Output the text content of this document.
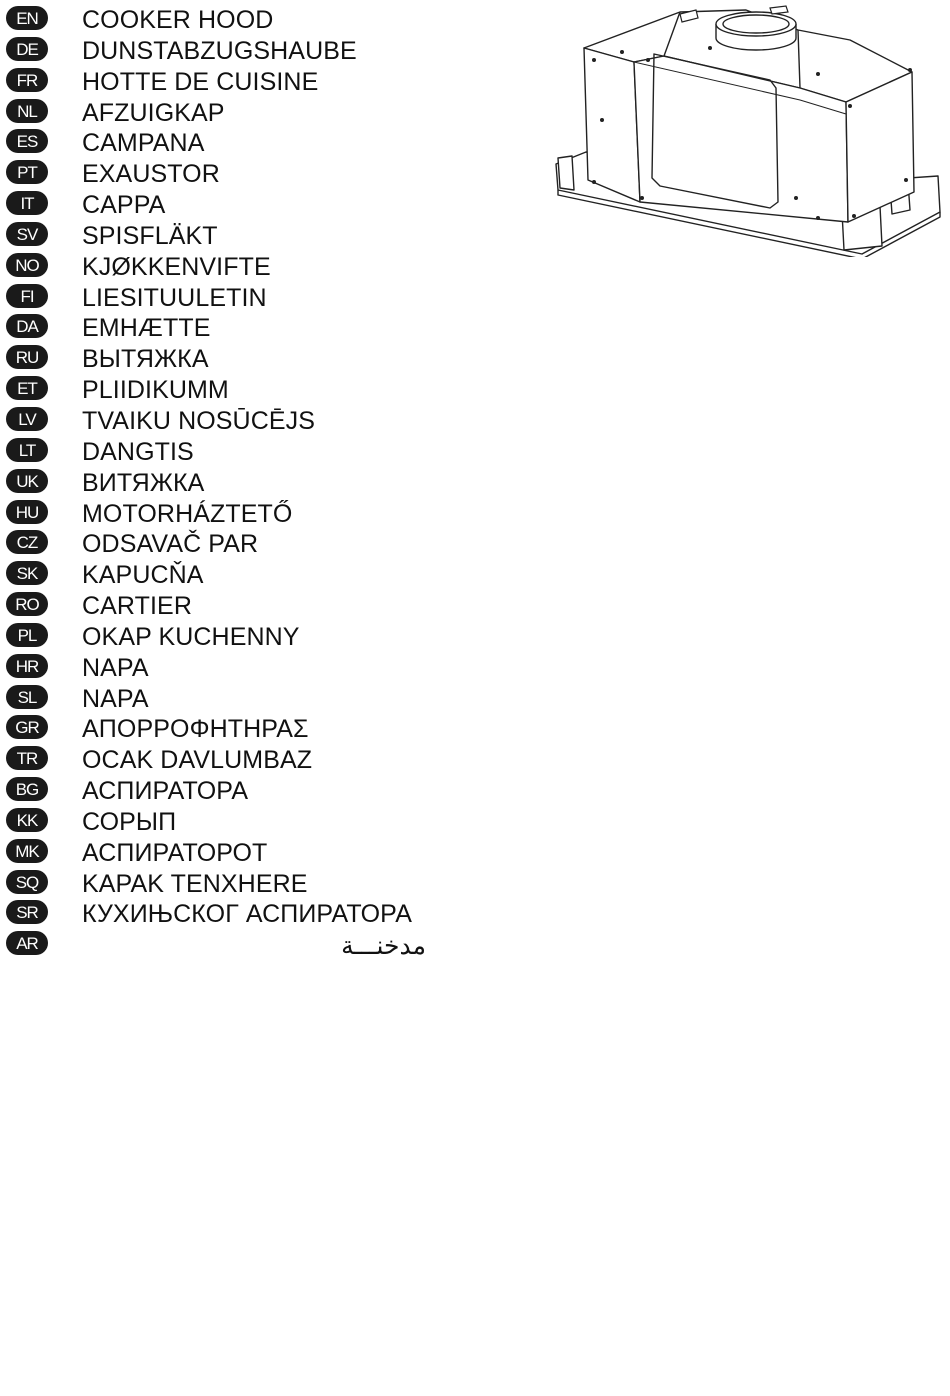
EN	COOKER HOOD
DE	DUNSTABZUGSHAUBE
FR	HOTTE DE CUISINE
NL	AFZUIGKAP
ES	CAMPANA
PT	EXAUSTOR
IT	CAPPA
SV	SPISFLÄKT
NO	KJØKKENVIFTE
FI	LIESITUULETIN
DA	EMHÆTTE
RU	ВЫТЯЖКА
ET	PLIIDIKUMM
LV	TVAIKU NOSŪCĒJS
LT	DANGTIS
UK	ВИТЯЖКА
HU	MOTORHÁZTETŐ
CZ	ODSAVAČ PAR
SK	KAPUCŇA
RO	CARTIER
PL	OKAP KUCHENNY
HR	NAPA
SL	NAPA
GR	ΑΠΟΡΡΟΦΗΤΗΡΑΣ
TR	OCAK DAVLUMBAZ
BG	АСПИРАТОРА
KK	СОРЫП
MK	АСПИРАТОРОТ
SQ	KAPAK TENXHERE
SR	КУХИЊСКОГ АСПИРАТОРА
AR	مدخنـــة
